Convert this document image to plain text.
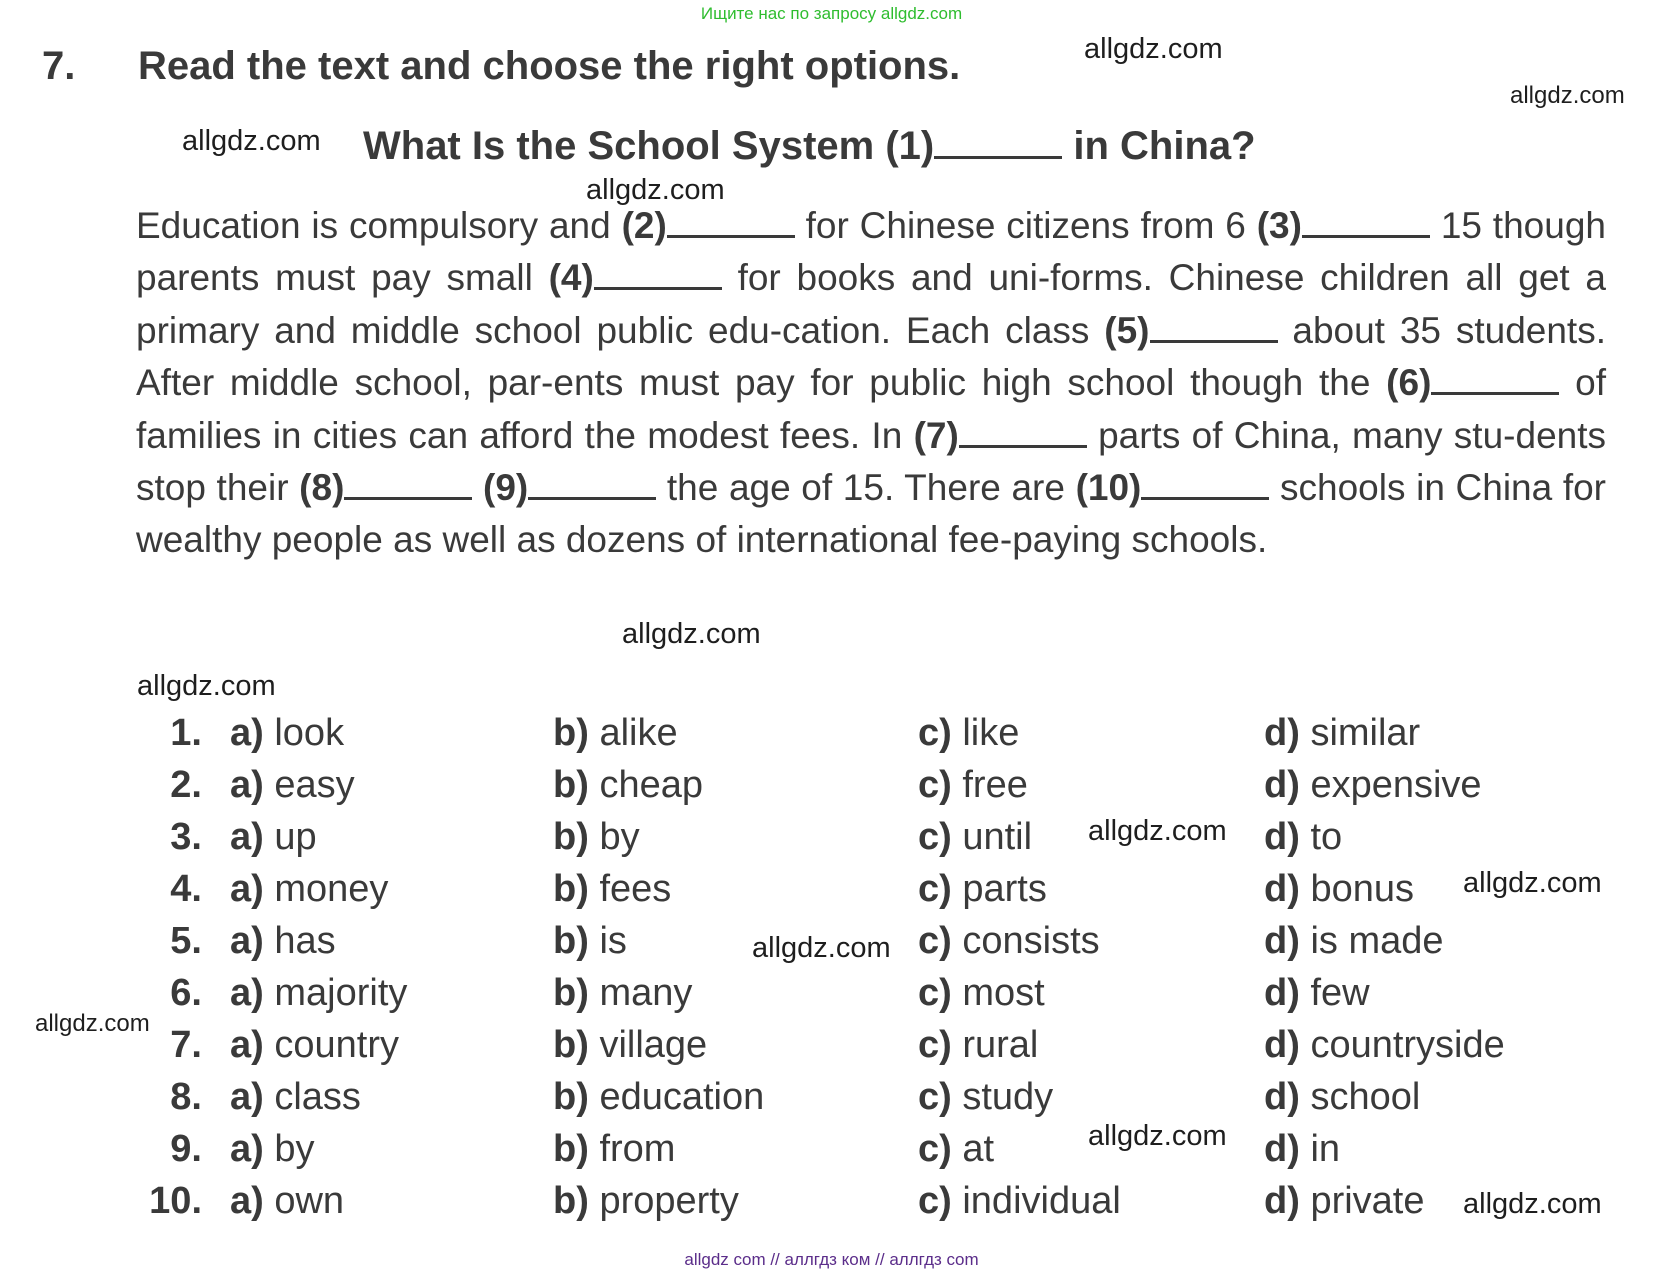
Ищите нас по запросу allgdz.com
7. Read the text and choose the right options.
What Is the School System (1)	in China?
Education is compulsory and (2)	for Chinese citizens from 6 (3)	15 though parents must pay small (4)	for books and uni-forms. Chinese children all get a primary and middle school public edu-cation. Each class (5)	about 35 students. After middle school, par-ents must pay for public high school though the (6)	of families in cities can afford the modest fees. In (7)	parts of China, many stu-dents stop their (8)	(9)	the age of 15. There are (10)	schools in China for wealthy people as well as dozens of international fee-paying schools.
1. a) look	b) alike	c) like	d) similar
2. a) easy	b) cheap	c) free	d) expensive
3. a) up	b) by	c) until	d) to
4. a) money	b) fees	c) parts	d) bonus
5. a) has	b) is	c) consists	d) is made
6. a) majority	b) many	c) most	d) few
7. a) country	b) village	c) rural	d) countryside
8. a) class	b) education	c) study	d) school
9. a) by	b) from	c) at	d) in
10. a) own	b) property	c) individual	d) private
allgdz.com
allgdz.com
allgdz.com
allgdz.com
allgdz.com
allgdz.com
allgdz.com
allgdz.com
allgdz.com
allgdz.com
allgdz.com
allgdz.com
allgdz com // аллгдз ком // аллгдз com
